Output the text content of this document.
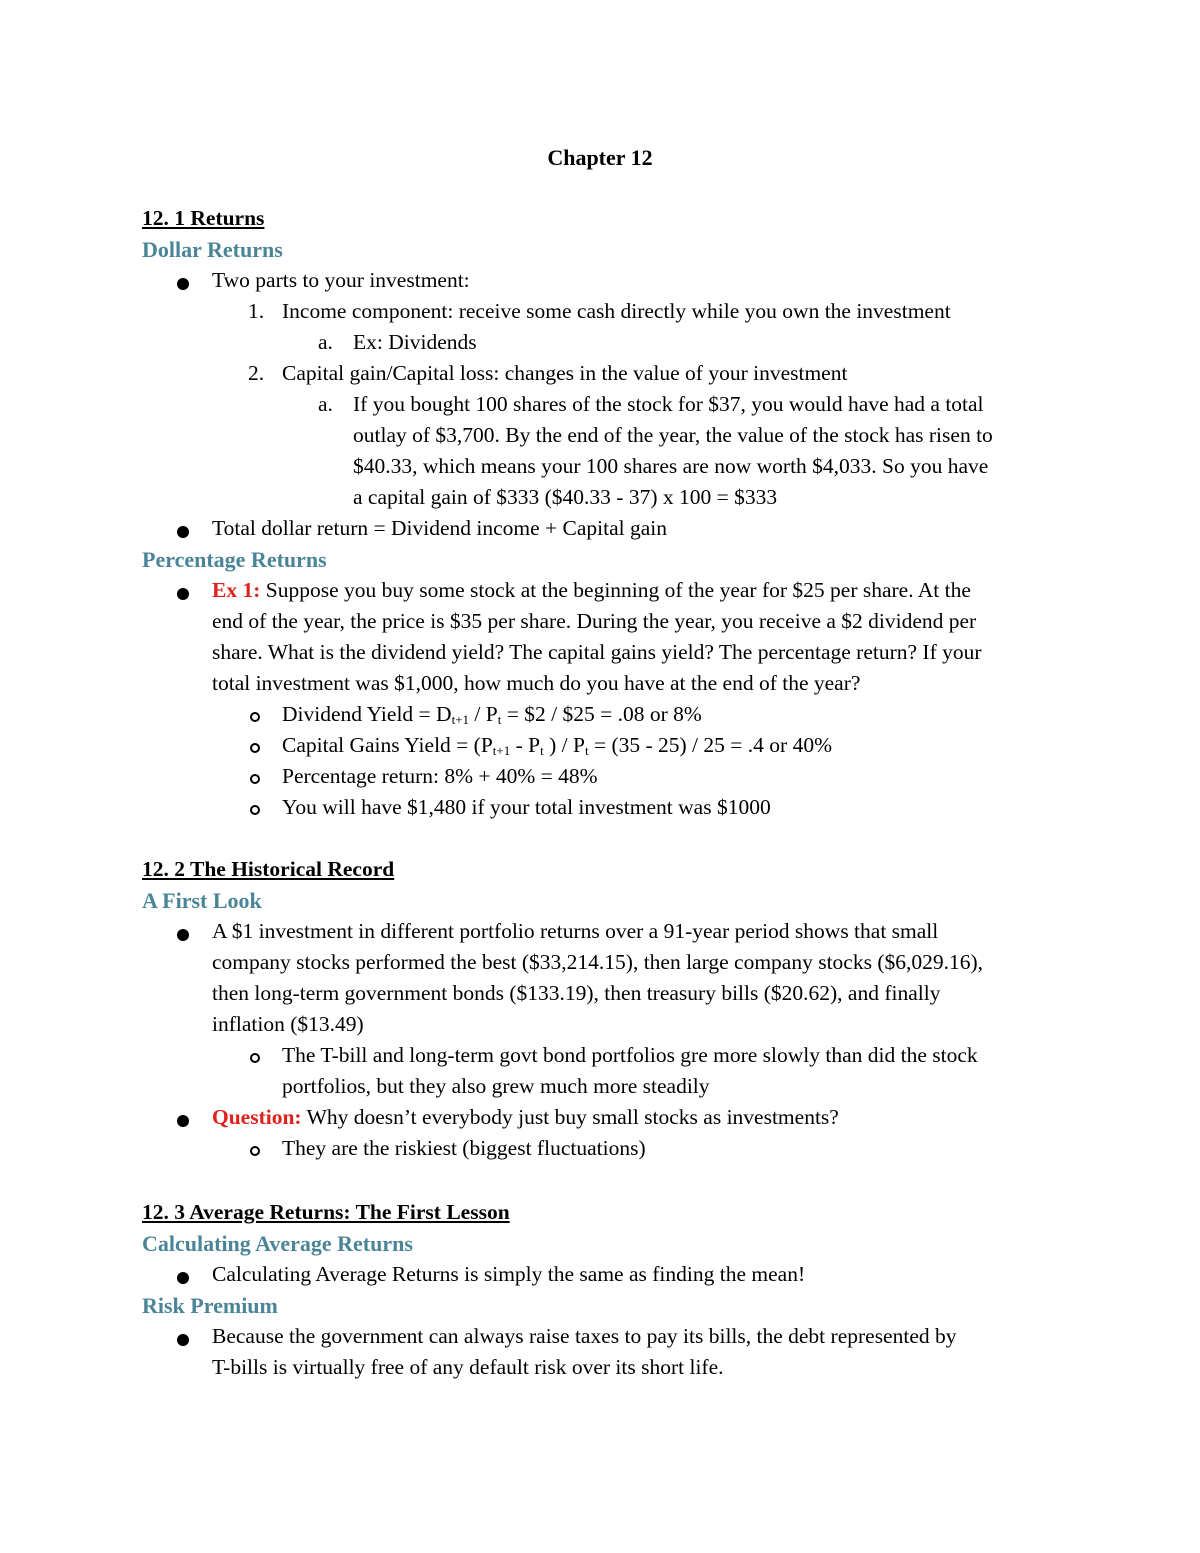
Chapter 12
12. 1 Returns
Dollar Returns
Two parts to your investment:
1. Income component: receive some cash directly while you own the investment
a. Ex: Dividends
2. Capital gain/Capital loss: changes in the value of your investment
a. If you bought 100 shares of the stock for $37, you would have had a total
outlay of $3,700. By the end of the year, the value of the stock has risen to
$40.33, which means your 100 shares are now worth $4,033. So you have
a capital gain of $333 ($40.33 - 37) x 100 = $333
Total dollar return = Dividend income + Capital gain
Percentage Returns
Ex 1: Suppose you buy some stock at the beginning of the year for $25 per share. At the
end of the year, the price is $35 per share. During the year, you receive a $2 dividend per
share. What is the dividend yield? The capital gains yield? The percentage return? If your
total investment was $1,000, how much do you have at the end of the year?
Dividend Yield = $D_{t+1} / P_t$ = $2 / $25 = .08 or 8%
Capital Gains Yield = ($P_{t+1} - P_t$ ) / $P_t = (35 - 25) / 25 = .4$ or 40%
Percentage return: 8% + 40% = 48%
You will have $1,480 if your total investment was $1000
12. 2 The Historical Record
A First Look
A $1 investment in different portfolio returns over a 91-year period shows that small
company stocks performed the best ($33,214.15), then large company stocks ($6,029.16),
then long-term government bonds ($133.19), then treasury bills ($20.62), and finally
inflation ($13.49)
The T-bill and long-term govt bond portfolios gre more slowly than did the stock
portfolios, but they also grew much more steadily
Question: Why doesn’t everybody just buy small stocks as investments?
They are the riskiest (biggest fluctuations)
12. 3 Average Returns: The First Lesson
Calculating Average Returns
Calculating Average Returns is simply the same as finding the mean!
Risk Premium
Because the government can always raise taxes to pay its bills, the debt represented by
T-bills is virtually free of any default risk over its short life.
